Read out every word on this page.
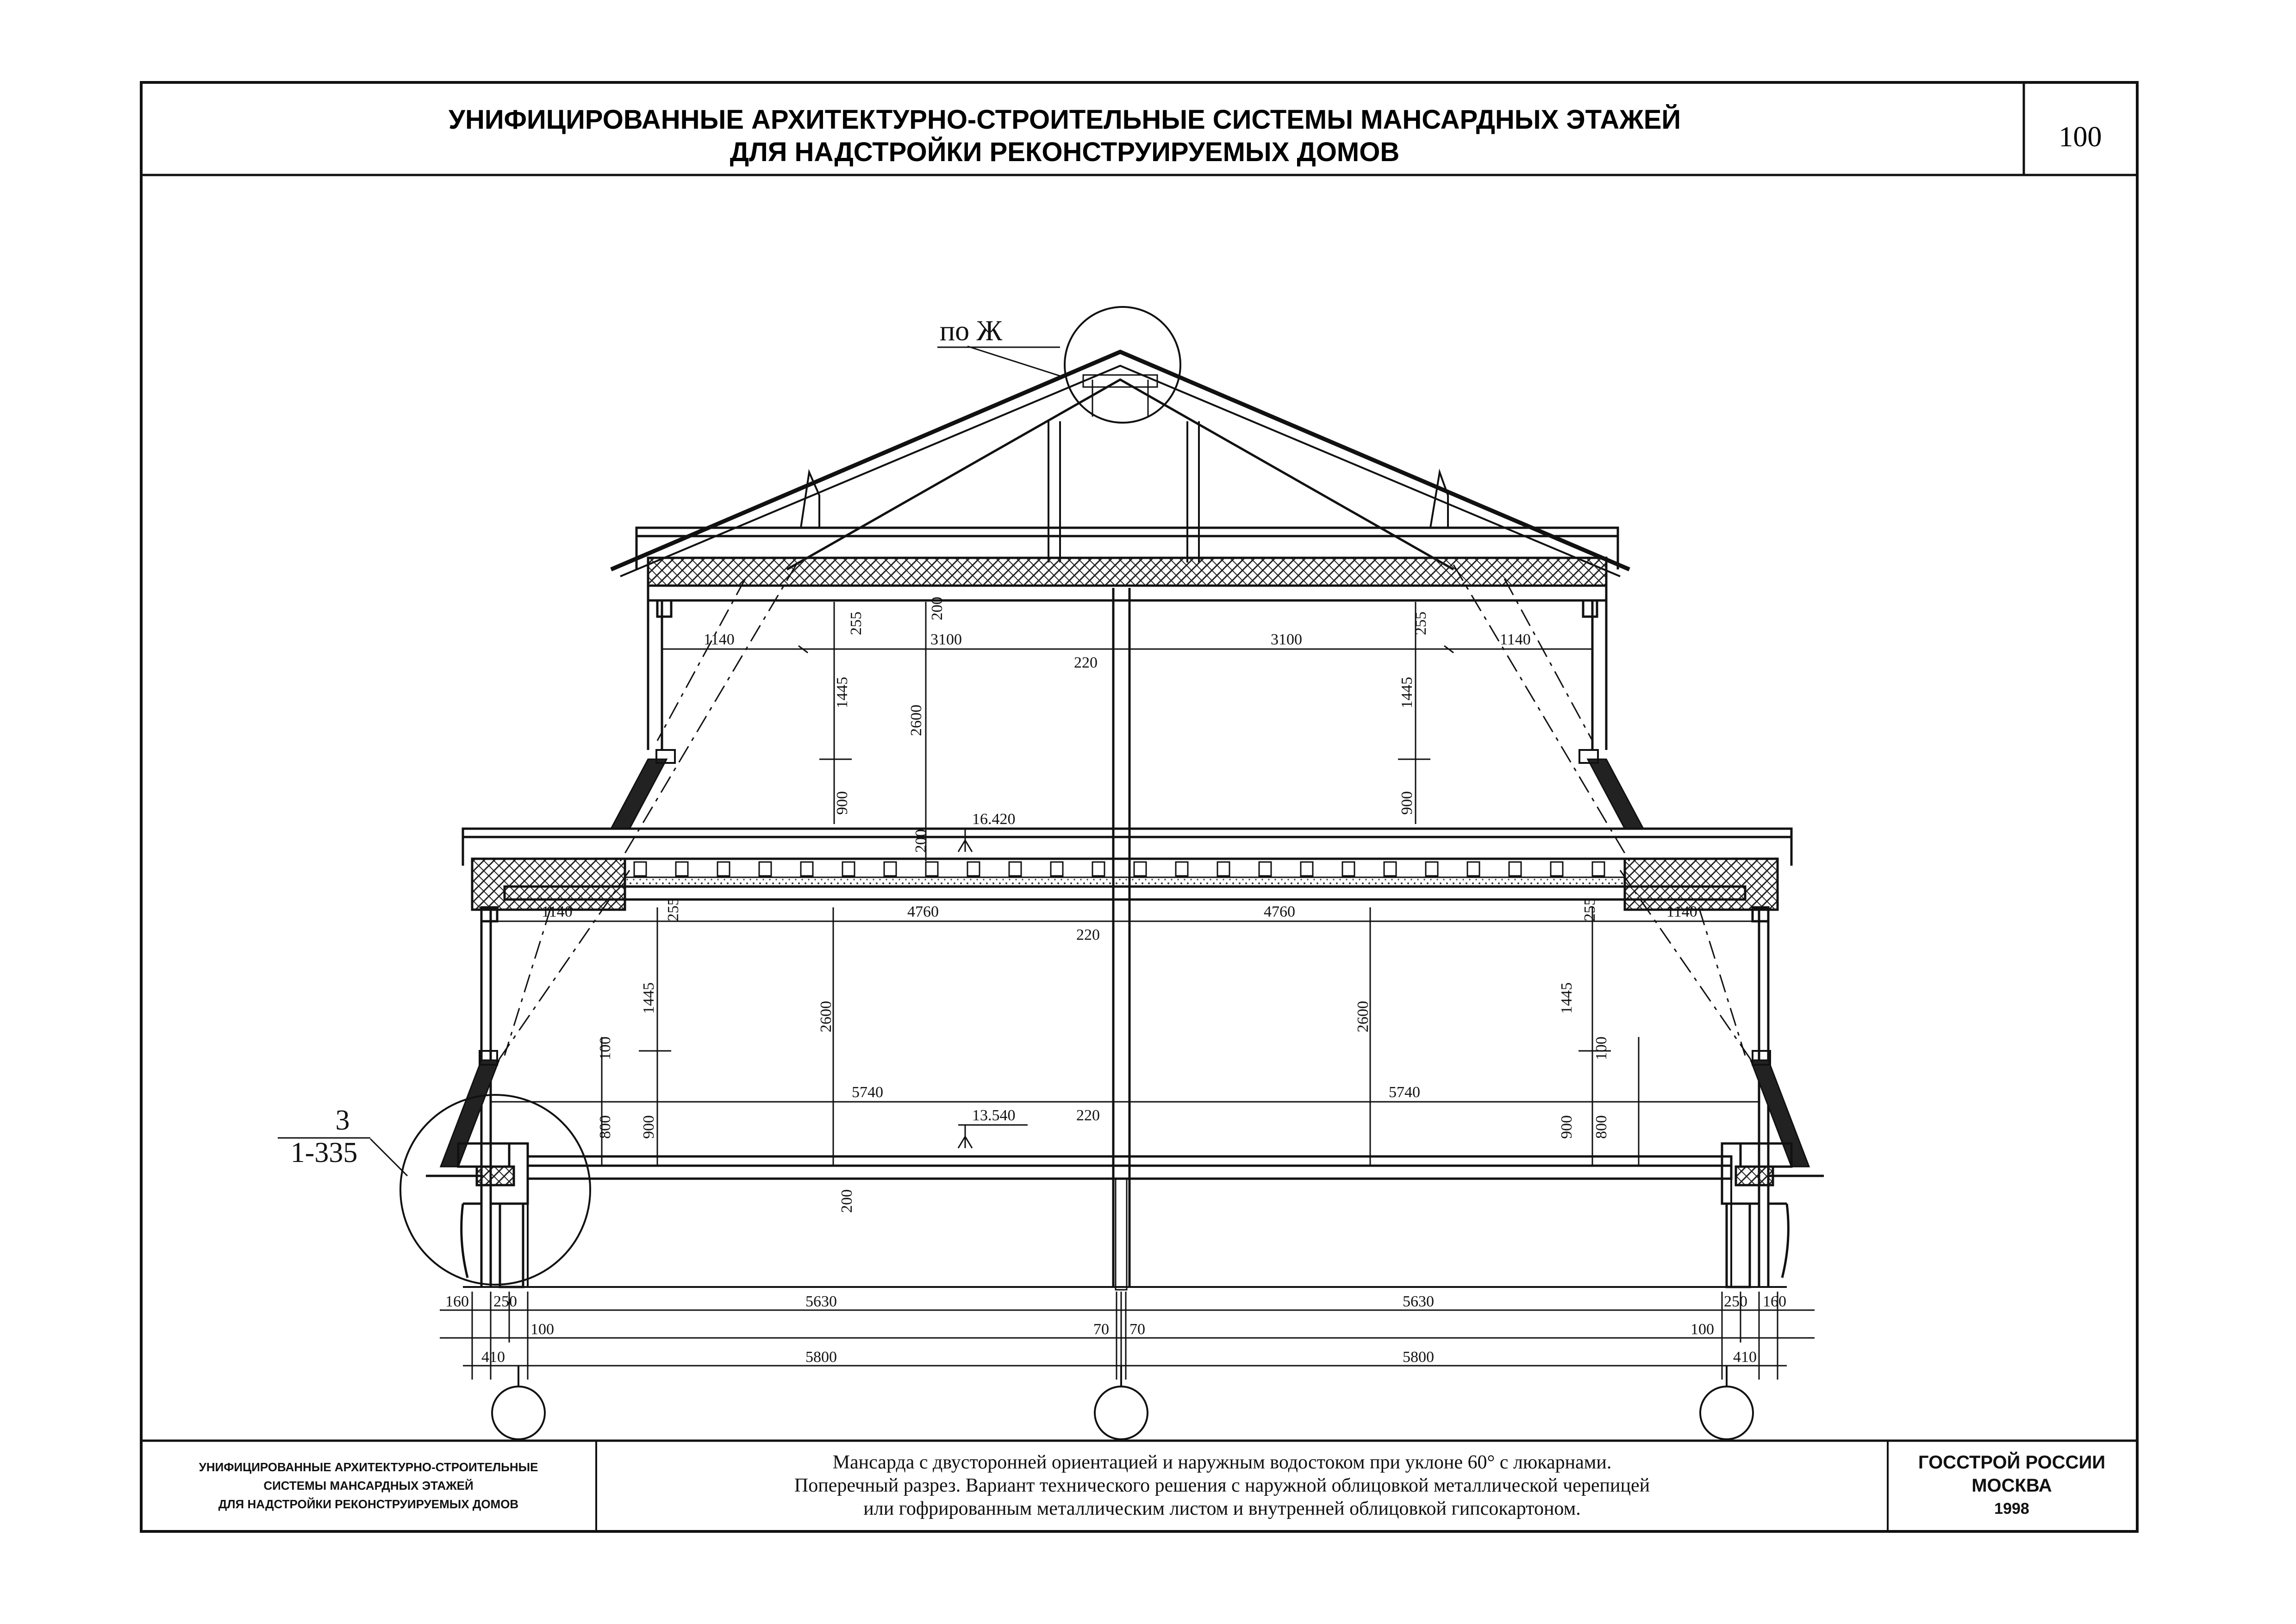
УНИФИЦИРОВАННЫЕ АРХИТЕКТУРНО-СТРОИТЕЛЬНЫЕ СИСТЕМЫ МАНСАРДНЫХ ЭТАЖЕЙ
ДЛЯ НАДСТРОЙКИ РЕКОНСТРУИРУЕМЫХ ДОМОВ	100
по Ж
3
1-335
16.420
13.540
1140
255
200
3100	3100
255
1140
220
1445	1445
2600
900	900
200
1140	255	4760	4760	255	1140
220
1445	1445
2600	2600
100	100
5740	5740
220
800 900	900 800
200
160 250	5630	5630	250 160
100	70 70	100
410	5800	5800	410
УНИФИЦИРОВАННЫЕ АРХИТЕКТУРНО-СТРОИТЕЛЬНЫЕ
СИСТЕМЫ МАНСАРДНЫХ ЭТАЖЕЙ
ДЛЯ НАДСТРОЙКИ РЕКОНСТРУИРУЕМЫХ ДОМОВ
Мансарда с двусторонней ориентацией и наружным водостоком при уклоне 60° с люкарнами.
Поперечный разрез. Вариант технического решения с наружной облицовкой металлической черепицей
или гофрированным металлическим листом и внутренней облицовкой гипсокартоном.
ГОССТРОЙ РОССИИ
МОСКВА
1998
